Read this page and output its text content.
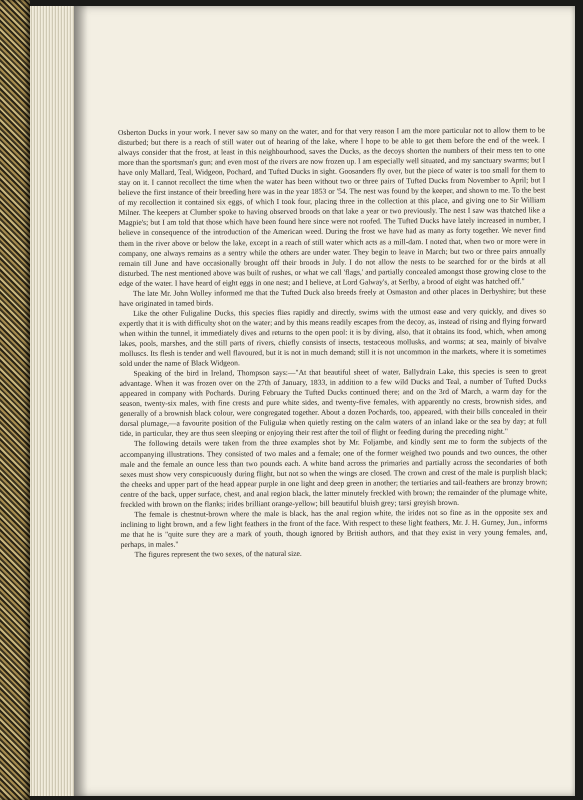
Osberton Ducks in your work. I never saw so many on the water, and for that very reason I am the more particular not to allow them to be disturbed; but there is a reach of still water out of hearing of the lake, where I hope to be able to get them before the end of the week. I always consider that the frost, at least in this neighbourhood, saves the Ducks, as the decoys shorten the numbers of their mess ten to one more than the sportsman's gun; and even most of the rivers are now frozen up. I am especially well situated, and my sanctuary swarms; but I have only Mallard, Teal, Widgeon, Pochard, and Tufted Ducks in sight. Goosanders fly over, but the piece of water is too small for them to stay on it. I cannot recollect the time when the water has been without two or three pairs of Tufted Ducks from November to April; but I believe the first instance of their breeding here was in the year 1853 or '54. The nest was found by the keeper, and shown to me. To the best of my recollection it contained six eggs, of which I took four, placing three in the collection at this place, and giving one to Sir William Milner. The keepers at Clumber spoke to having observed broods on that lake a year or two previously. The nest I saw was thatched like a Magpie's; but I am told that those which have been found here since were not roofed. The Tufted Ducks have lately increased in number, I believe in consequence of the introduction of the American weed. During the frost we have had as many as forty together. We never find them in the river above or below the lake, except in a reach of still water which acts as a mill-dam. I noted that, when two or more were in company, one always remains as a sentry while the others are under water. They begin to leave in March; but two or three pairs annually remain till June and have occasionally brought off their broods in July. I do not allow the nests to be searched for or the birds at all disturbed. The nest mentioned above was built of rushes, or what we call 'flags,' and partially concealed amongst those growing close to the edge of the water. I have heard of eight eggs in one nest; and I believe, at Lord Galway's, at Serlby, a brood of eight was hatched off."

The late Mr. John Wolley informed me that the Tufted Duck also breeds freely at Osmaston and other places in Derbyshire; but these have originated in tamed birds.

Like the other Fuligaline Ducks, this species flies rapidly and directly, swims with the utmost ease and very quickly, and dives so expertly that it is with difficulty shot on the water; and by this means readily escapes from the decoy, as, instead of rising and flying forward when within the tunnel, it immediately dives and returns to the open pool: it is by diving, also, that it obtains its food, which, when among lakes, pools, marshes, and the still parts of rivers, chiefly consists of insects, testaceous mollusks, and worms; at sea, mainly of bivalve molluscs. Its flesh is tender and well flavoured, but it is not in much demand; still it is not uncommon in the markets, where it is sometimes sold under the name of Black Widgeon.

Speaking of the bird in Ireland, Thompson says:—"At that beautiful sheet of water, Ballydrain Lake, this species is seen to great advantage. When it was frozen over on the 27th of January, 1833, in addition to a few wild Ducks and Teal, a number of Tufted Ducks appeared in company with Pochards. During February the Tufted Ducks continued there; and on the 3rd of March, a warm day for the season, twenty-six males, with fine crests and pure white sides, and twenty-five females, with apparently no crests, brownish sides, and generally of a brownish black colour, were congregated together. About a dozen Pochards, too, appeared, with their bills concealed in their dorsal plumage,—a favourite position of the Fuligulæ when quietly resting on the calm waters of an inland lake or the sea by day; at full tide, in particular, they are thus seen sleeping or enjoying their rest after the toil of flight or feeding during the preceding night."

The following details were taken from the three examples shot by Mr. Foljambe, and kindly sent me to form the subjects of the accompanying illustrations. They consisted of two males and a female; one of the former weighed two pounds and two ounces, the other male and the female an ounce less than two pounds each. A white band across the primaries and partially across the secondaries of both sexes must show very conspicuously during flight, but not so when the wings are closed. The crown and crest of the male is purplish black; the cheeks and upper part of the head appear purple in one light and deep green in another; the tertiaries and tail-feathers are bronzy brown; centre of the back, upper surface, chest, and anal region black, the latter minutely freckled with brown; the remainder of the plumage white, freckled with brown on the flanks; irides brilliant orange-yellow; bill beautiful bluish grey; tarsi greyish brown.

The female is chestnut-brown where the male is black, has the anal region white, the irides not so fine as in the opposite sex and inclining to light brown, and a few light feathers in the front of the face. With respect to these light feathers, Mr. J. H. Gurney, Jun., informs me that he is "quite sure they are a mark of youth, though ignored by British authors, and that they exist in very young females, and, perhaps, in males."

The figures represent the two sexes, of the natural size.
